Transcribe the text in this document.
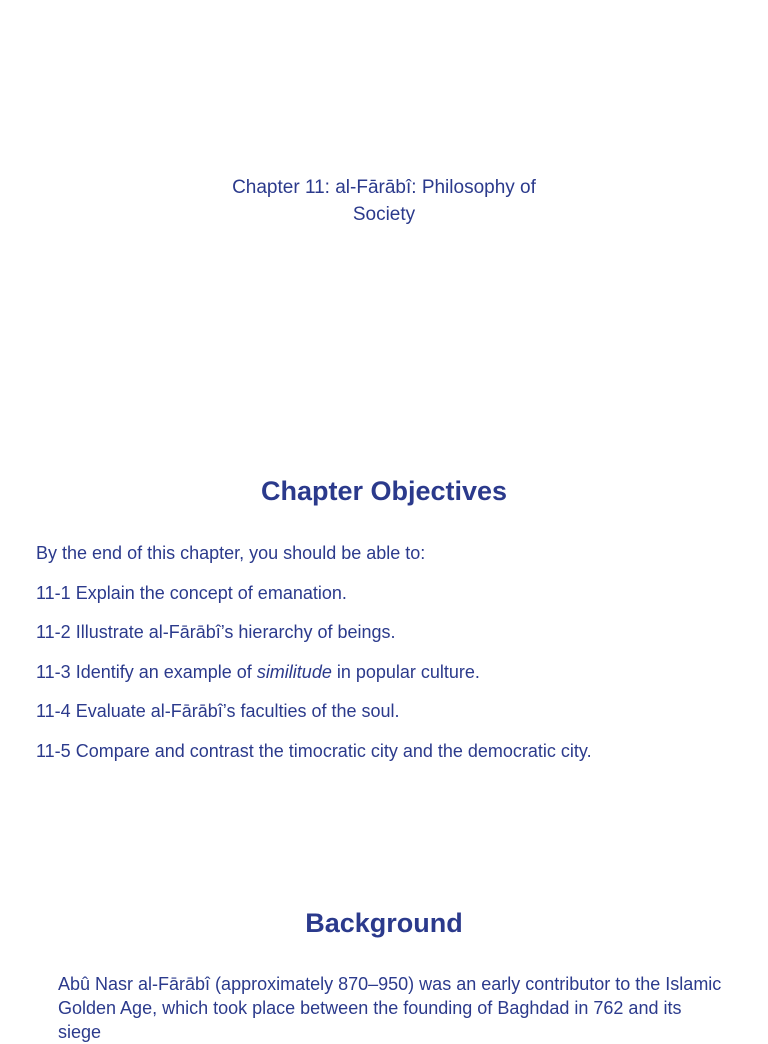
Chapter 11: al-Fārābî: Philosophy of
Society
Chapter Objectives
By the end of this chapter, you should be able to:
11-1 Explain the concept of emanation.
11-2 Illustrate al-Fārābî’s hierarchy of beings.
11-3 Identify an example of similitude in popular culture.
11-4 Evaluate al-Fārābî’s faculties of the soul.
11-5 Compare and contrast the timocratic city and the democratic city.
Background
Abû Nasr al-Fārābî (approximately 870–950) was an early contributor to the Islamic
Golden Age, which took place between the founding of Baghdad in 762 and its siege
